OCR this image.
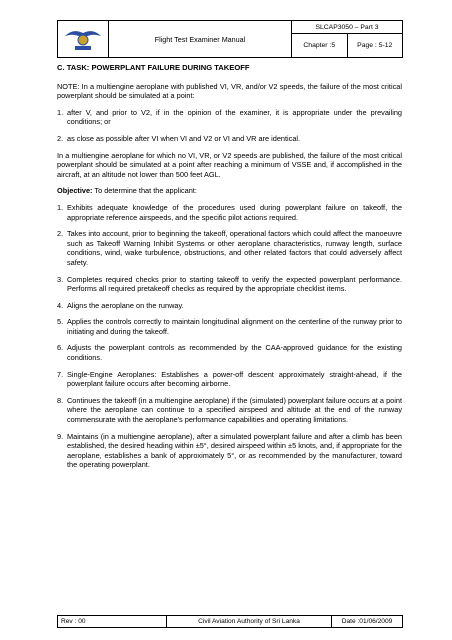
Flight Test Examiner Manual
SLCAP3050 – Part 3
Chapter :5	Page : 5-12

C. TASK: POWERPLANT FAILURE DURING TAKEOFF

NOTE: In a multiengine aeroplane with published VI, VR, and/or V2 speeds, the failure of the most critical powerplant should be simulated at a point:

1. after V, and prior to V2, if in the opinion of the examiner, it is appropriate under the prevailing conditions; or
2. as close as possible after VI when VI and V2 or VI and VR are identical.

In a multiengine aeroplane for which no VI, VR, or V2 speeds are published, the failure of the most critical powerplant should be simulated at a point after reaching a minimum of VSSE and, if accomplished in the aircraft, at an altitude not lower than 500 feet AGL.

Objective: To determine that the applicant:

1. Exhibits adequate knowledge of the procedures used during powerplant failure on takeoff, the appropriate reference airspeeds, and the specific pilot actions required.
2. Takes into account, prior to beginning the takeoff, operational factors which could affect the manoeuvre such as Takeoff Warning Inhibit Systems or other aeroplane characteristics, runway length, surface conditions, wind, wake turbulence, obstructions, and other related factors that could adversely affect safety.
3. Completes required checks prior to starting takeoff to verify the expected powerplant performance. Performs all required pretakeoff checks as required by the appropriate checklist items.
4. Aligns the aeroplane on the runway.
5. Applies the controls correctly to maintain longitudinal alignment on the centerline of the runway prior to initiating and during the takeoff.
6. Adjusts the powerplant controls as recommended by the CAA-approved guidance for the existing conditions.
7. Single-Engine Aeroplanes: Establishes a power-off descent approximately straight-ahead, if the powerplant failure occurs after becoming airborne.
8. Continues the takeoff (in a multiengine aeroplane) if the (simulated) powerplant failure occurs at a point where the aeroplane can continue to a specified airspeed and altitude at the end of the runway commensurate with the aeroplane's performance capabilities and operating limitations.
9. Maintains (in a multiengine aeroplane), after a simulated powerplant failure and after a climb has been established, the desired heading within ±5°, desired airspeed within ±5 knots, and, if appropriate for the aeroplane, establishes a bank of approximately 5°, or as recommended by the manufacturer, toward the operating powerplant.
Rev : 00	Civil Aviation Authority of Sri Lanka	Date :01/06/2009
